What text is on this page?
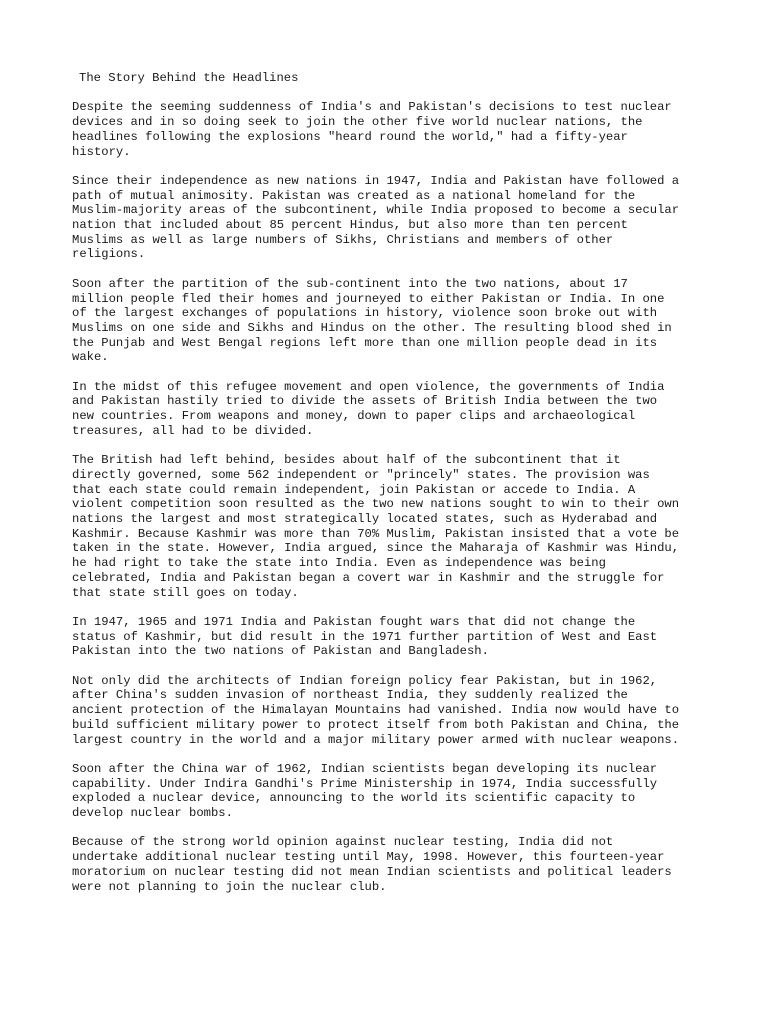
The Story Behind the Headlines

Despite the seeming suddenness of India's and Pakistan's decisions to test nuclear
devices and in so doing seek to join the other five world nuclear nations, the
headlines following the explosions "heard round the world," had a fifty-year
history.

Since their independence as new nations in 1947, India and Pakistan have followed a
path of mutual animosity. Pakistan was created as a national homeland for the
Muslim-majority areas of the subcontinent, while India proposed to become a secular
nation that included about 85 percent Hindus, but also more than ten percent
Muslims as well as large numbers of Sikhs, Christians and members of other
religions.

Soon after the partition of the sub-continent into the two nations, about 17
million people fled their homes and journeyed to either Pakistan or India. In one
of the largest exchanges of populations in history, violence soon broke out with
Muslims on one side and Sikhs and Hindus on the other. The resulting blood shed in
the Punjab and West Bengal regions left more than one million people dead in its
wake.

In the midst of this refugee movement and open violence, the governments of India
and Pakistan hastily tried to divide the assets of British India between the two
new countries. From weapons and money, down to paper clips and archaeological
treasures, all had to be divided.

The British had left behind, besides about half of the subcontinent that it
directly governed, some 562 independent or "princely" states. The provision was
that each state could remain independent, join Pakistan or accede to India. A
violent competition soon resulted as the two new nations sought to win to their own
nations the largest and most strategically located states, such as Hyderabad and
Kashmir. Because Kashmir was more than 70% Muslim, Pakistan insisted that a vote be
taken in the state. However, India argued, since the Maharaja of Kashmir was Hindu,
he had right to take the state into India. Even as independence was being
celebrated, India and Pakistan began a covert war in Kashmir and the struggle for
that state still goes on today.

In 1947, 1965 and 1971 India and Pakistan fought wars that did not change the
status of Kashmir, but did result in the 1971 further partition of West and East
Pakistan into the two nations of Pakistan and Bangladesh.

Not only did the architects of Indian foreign policy fear Pakistan, but in 1962,
after China's sudden invasion of northeast India, they suddenly realized the
ancient protection of the Himalayan Mountains had vanished. India now would have to
build sufficient military power to protect itself from both Pakistan and China, the
largest country in the world and a major military power armed with nuclear weapons.

Soon after the China war of 1962, Indian scientists began developing its nuclear
capability. Under Indira Gandhi's Prime Ministership in 1974, India successfully
exploded a nuclear device, announcing to the world its scientific capacity to
develop nuclear bombs.

Because of the strong world opinion against nuclear testing, India did not
undertake additional nuclear testing until May, 1998. However, this fourteen-year
moratorium on nuclear testing did not mean Indian scientists and political leaders
were not planning to join the nuclear club.
